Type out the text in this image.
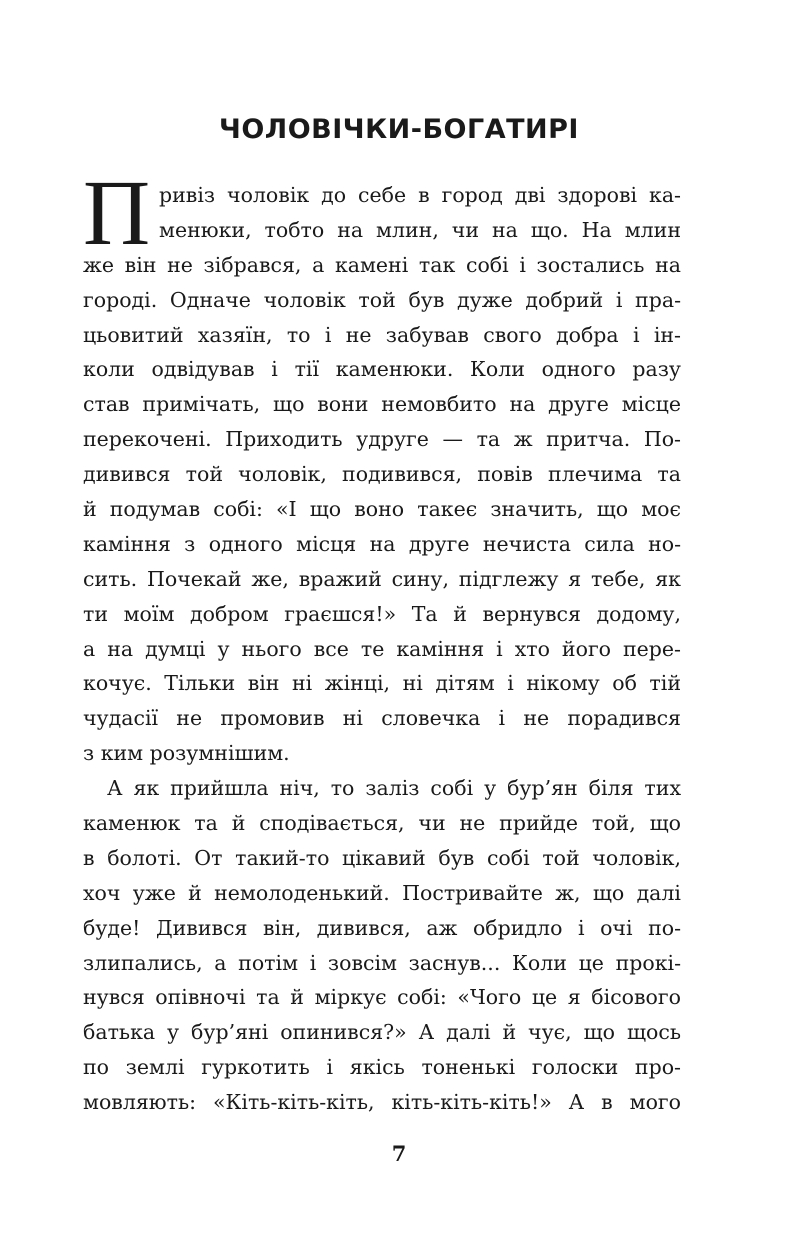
ЧОЛОВІЧКИ-БОГАТИРІ
П ривіз чоловік до себе в город дві здорові ка-
менюки, тобто на млин, чи на що. На млин
же він не зібрався, а камені так собі і зостались на
городі. Одначе чоловік той був дуже добрий і пра-
цьовитий хазяїн, то і не забував свого добра і ін-
коли одвідував і тії каменюки. Коли одного разу
став примічать, що вони немовбито на друге місце
перекочені. Приходить удруге — та ж притча. По-
дивився той чоловік, подивився, повів плечима та
й подумав собі: «І що воно такеє значить, що моє
каміння з одного місця на друге нечиста сила но-
сить. Почекай же, вражий сину, підглежу я тебе, як
ти моїм добром граєшся!» Та й вернувся додому,
а на думці у нього все те каміння і хто його пере-
кочує. Тільки він ні жінці, ні дітям і нікому об тій
чудасії не промовив ні словечка і не порадився
з ким розумнішим.
А як прийшла ніч, то заліз собі у бур’ян біля тих
каменюк та й сподівається, чи не прийде той, що
в болоті. От такий-то цікавий був собі той чоловік,
хоч уже й немолоденький. Постривайте ж, що далі
буде! Дивився він, дивився, аж обридло і очі по-
злипались, а потім і зовсім заснув... Коли це прокі-
нувся опівночі та й міркує собі: «Чого це я бісового
батька у бур’яні опинився?» А далі й чує, що щось
по землі гуркотить і якісь тоненькі голоски про-
мовляють: «Кіть-кіть-кіть, кіть-кіть-кіть!» А в мого
7
